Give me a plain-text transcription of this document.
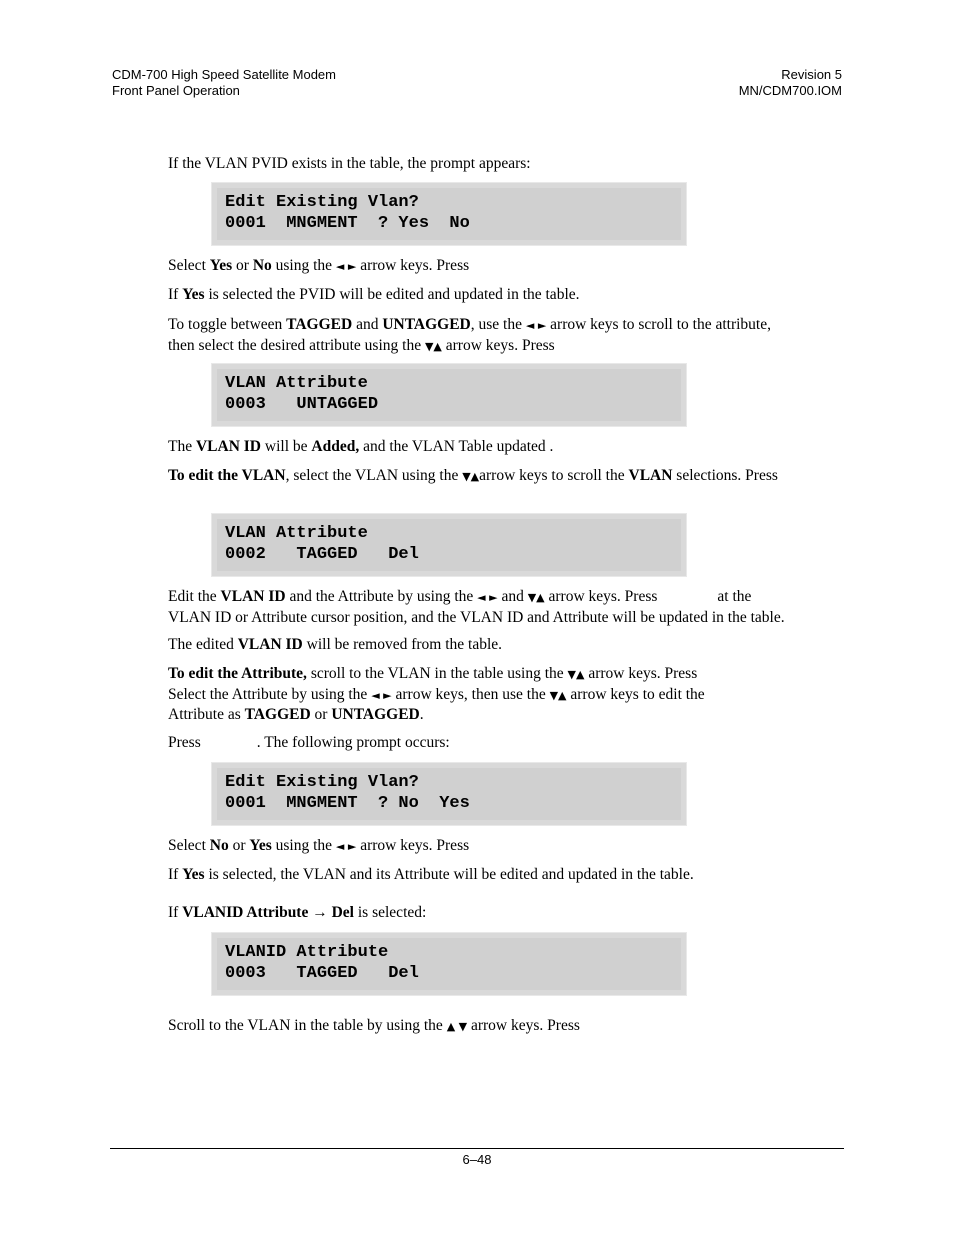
CDM-700 High Speed Satellite Modem
Front Panel Operation
Revision 5
MN/CDM700.IOM
If the VLAN PVID exists in the table, the prompt appears:
Edit Existing Vlan?
0001  MNGMENT  ? Yes  No
Select Yes or No using the ◄ ► arrow keys. Press
If Yes is selected the PVID will be edited and updated in the table.
To toggle between TAGGED and UNTAGGED, use the ◄ ► arrow keys to scroll to the attribute,
then select the desired attribute using the ▼▲ arrow keys. Press
VLAN Attribute
0003   UNTAGGED
The VLAN ID will be Added, and the VLAN Table updated .
To edit the VLAN, select the VLAN using the ▼▲arrow keys to scroll the VLAN selections. Press
VLAN Attribute
0002   TAGGED   Del
Edit the VLAN ID and the Attribute by using the ◄ ► and ▼▲ arrow keys. Press	at the
VLAN ID or Attribute cursor position, and the VLAN ID and Attribute will be updated in the table.
The edited VLAN ID will be removed from the table.
To edit the Attribute, scroll to the VLAN in the table using the ▼▲ arrow keys. Press
Select the Attribute by using the ◄ ► arrow keys, then use the ▼▲ arrow keys to edit the
Attribute as TAGGED or UNTAGGED.
Press	. The following prompt occurs:
Edit Existing Vlan?
0001  MNGMENT  ? No  Yes
Select No or Yes using the ◄ ► arrow keys. Press
If Yes is selected, the VLAN and its Attribute will be edited and updated in the table.
If VLANID Attribute → Del is selected:
VLANID Attribute
0003   TAGGED   Del
Scroll to the VLAN in the table by using the ▲ ▼ arrow keys. Press
6–48
